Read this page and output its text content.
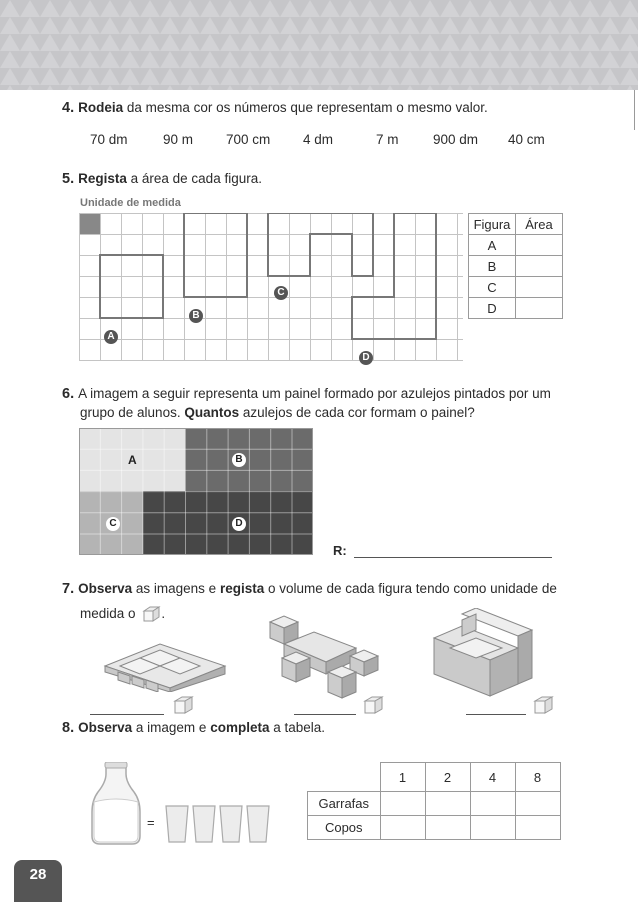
4. Rodeia da mesma cor os números que representam o mesmo valor.
70 dm	90 m 700 cm 4 dm	7 m	900 dm 40 cm
5. Regista a área de cada figura.
Unidade de medida
A
B
C
D
Figura	Área
A	
B	
C	
D	
6. A imagem a seguir representa um painel formado por azulejos pintados por um
grupo de alunos. Quantos azulejos de cada cor formam o painel?
A	B
C	D
R:
7. Observa as imagens e regista o volume de cada figura tendo como unidade de
medida o .
8. Observa a imagem e completa a tabela.
=
	1	2	4	8
Garrafas				
Copos				
28
